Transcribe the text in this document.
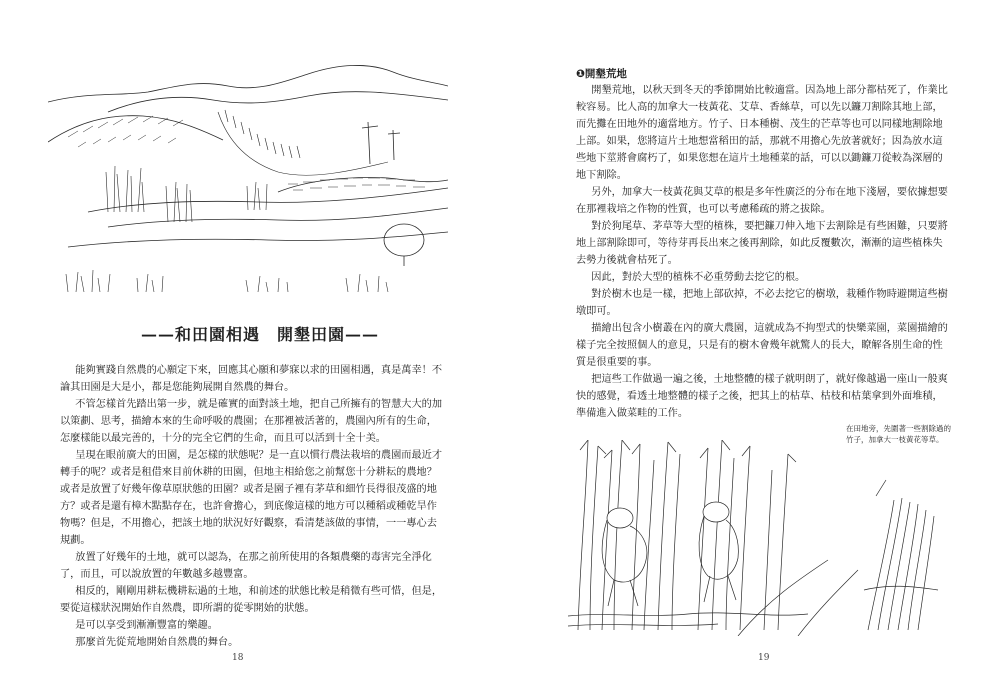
——和田園相遇　開墾田園——

能夠實踐自然農的心願定下來，回應其心願和夢寐以求的田園相遇，真是萬幸！不論其田園是大是小，都是您能夠展開自然農的舞台。

不管怎樣首先踏出第一步，就是確實的面對該土地，把自己所擁有的智慧大大的加以策劃、思考，描繪本來的生命呼吸的農園；在那裡被活著的，農園內所有的生命，怎麼樣能以最完善的，十分的完全它們的生命，而且可以活到十全十美。

呈現在眼前廣大的田園，是怎樣的狀態呢？是一直以慣行農法栽培的農園而最近才轉手的呢？或者是租借來目前休耕的田園，但地主相給您之前幫您十分耕耘的農地？或者是放置了好幾年像草原狀態的田園？或者是園子裡有茅草和細竹長得很茂盛的地方？或者是還有樟木點點存在，也許會擔心，到底像這樣的地方可以種稻或種乾旱作物嗎？但是，不用擔心，把該土地的狀況好好觀察，看清楚該做的事情，一一專心去規劃。

放置了好幾年的土地，就可以認為，在那之前所使用的各類農藥的毒害完全淨化了，而且，可以說放置的年數越多越豐富。

相反的，剛剛用耕耘機耕耘過的土地，和前述的狀態比較是稍微有些可惜，但是，要從這樣狀況開始作自然農，即所謂的從零開始的狀態。

是可以享受到漸漸豐富的樂趣。

那麼首先從荒地開始自然農的舞台。

18
❶開墾荒地

開墾荒地，以秋天到冬天的季節開始比較適當。因為地上部分都枯死了，作業比較容易。比人高的加拿大一枝黃花、艾草、香絲草，可以先以鐮刀割除其地上部，而先攤在田地外的適當地方。竹子、日本種樹、茂生的芒草等也可以同樣地割除地上部。如果，您將這片土地想當稻田的話，那就不用擔心先放著就好；因為放水這些地下莖將會腐朽了，如果您想在這片土地種菜的話，可以以鋤鐮刀從較為深層的地下割除。

另外，加拿大一枝黃花與艾草的根是多年性廣泛的分布在地下淺層，要依據想要在那裡栽培之作物的性質，也可以考慮稀疏的將之拔除。

對於狗尾草、茅草等大型的植株，要把鐮刀伸入地下去割除是有些困難，只要將地上部割除即可，等待芽再長出來之後再割除，如此反覆數次，漸漸的這些植株失去勢力後就會枯死了。

因此，對於大型的植株不必重勞動去挖它的根。

對於樹木也是一樣，把地上部砍掉，不必去挖它的樹墩，栽種作物時避開這些樹墩即可。

描繪出包含小樹叢在內的廣大農園，這就成為不拘型式的快樂菜園，菜園描繪的樣子完全按照個人的意見，只是有的樹木會幾年就驚人的長大，瞭解各別生命的性質是很重要的事。

把這些工作做過一遍之後，土地整體的樣子就明朗了，就好像越過一座山一般爽快的感覺，看透土地整體的樣子之後，把其上的枯草、枯枝和枯葉拿到外面堆積，準備進入做菜畦的工作。

在田地旁，先圍著一些割除過的竹子，加拿大一枝黃花等草。
19
